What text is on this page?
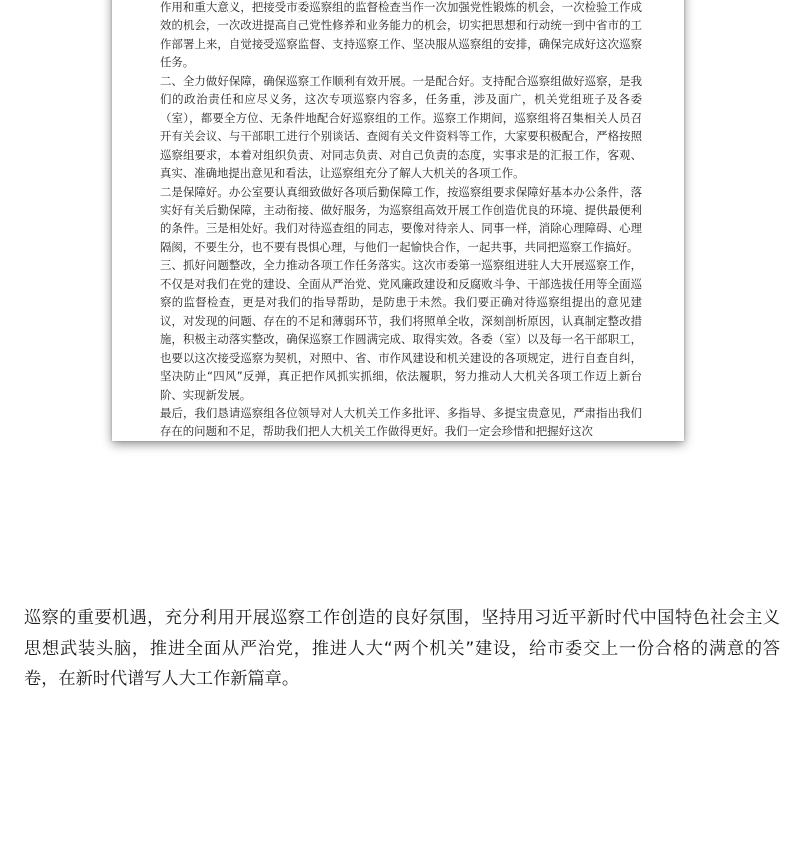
作用和重大意义，把接受市委巡察组的监督检查当作一次加强党性锻炼的机会，一次检验工作成效的机会，一次改进提高自己党性修养和业务能力的机会，切实把思想和行动统一到中省市的工作部署上来，自觉接受巡察监督、支持巡察工作、坚决服从巡察组的安排，确保完成好这次巡察任务。

二、全力做好保障，确保巡察工作顺利有效开展。一是配合好。支持配合巡察组做好巡察，是我们的政治责任和应尽义务，这次专项巡察内容多，任务重，涉及面广，机关党组班子及各委（室），都要全方位、无条件地配合好巡察组的工作。巡察工作期间，巡察组将召集相关人员召开有关会议、与干部职工进行个别谈话、查阅有关文件资料等工作，大家要积极配合，严格按照巡察组要求，本着对组织负责、对同志负责、对自己负责的态度，实事求是的汇报工作，客观、真实、准确地提出意见和看法，让巡察组充分了解人大机关的各项工作。

二是保障好。办公室要认真细致做好各项后勤保障工作，按巡察组要求保障好基本办公条件，落实好有关后勤保障，主动衔接、做好服务，为巡察组高效开展工作创造优良的环境、提供最便利的条件。三是相处好。我们对待巡查组的同志，要像对待亲人、同事一样，消除心理障碍、心理隔阂，不要生分，也不要有畏惧心理，与他们一起愉快合作，一起共事，共同把巡察工作搞好。

三、抓好问题整改，全力推动各项工作任务落实。这次市委第一巡察组进驻人大开展巡察工作，不仅是对我们在党的建设、全面从严治党、党风廉政建设和反腐败斗争、干部选拔任用等全面巡察的监督检查，更是对我们的指导帮助，是防患于未然。我们要正确对待巡察组提出的意见建议，对发现的问题、存在的不足和薄弱环节，我们将照单全收，深刻剖析原因，认真制定整改措施，积极主动落实整改，确保巡察工作圆满完成、取得实效。各委（室）以及每一名干部职工，也要以这次接受巡察为契机，对照中、省、市作风建设和机关建设的各项规定，进行自查自纠，坚决防止“四风”反弹，真正把作风抓实抓细，依法履职，努力推动人大机关各项工作迈上新台阶、实现新发展。

最后，我们恳请巡察组各位领导对人大机关工作多批评、多指导、多提宝贵意见，严肃指出我们存在的问题和不足，帮助我们把人大机关工作做得更好。我们一定会珍惜和把握好这次

巡察的重要机遇，充分利用开展巡察工作创造的良好氛围，坚持用习近平新时代中国特色社会主义思想武装头脑，推进全面从严治党，推进人大“两个机关”建设，给市委交上一份合格的满意的答卷，在新时代谱写人大工作新篇章。
